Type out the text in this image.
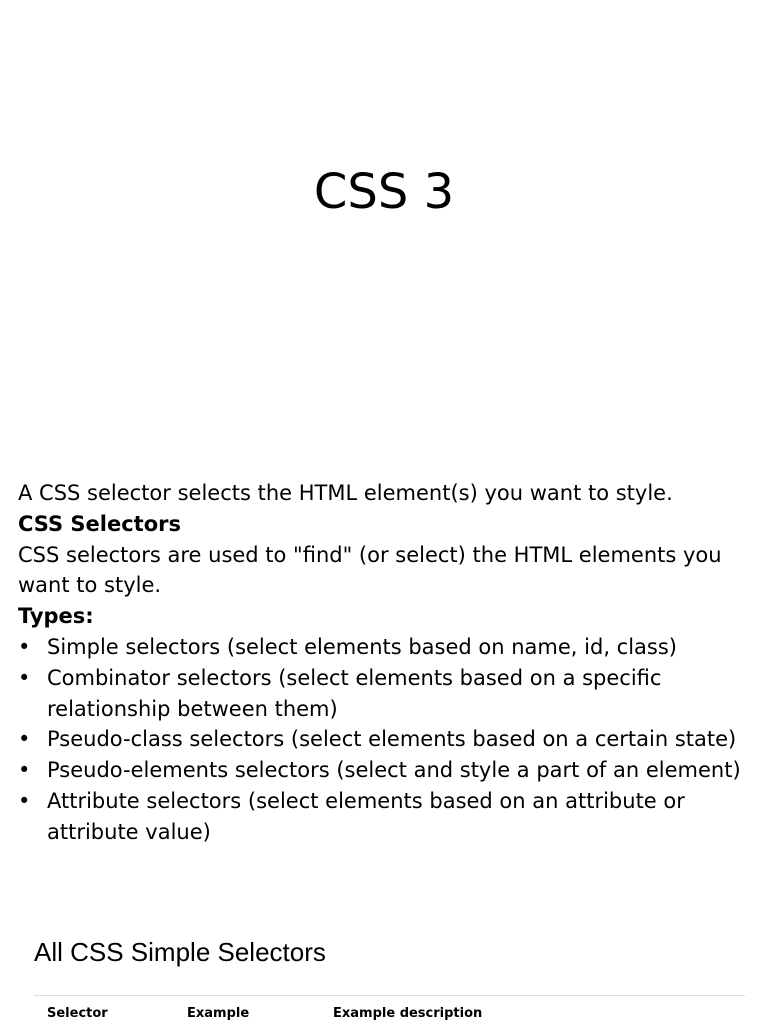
CSS 3

A CSS selector selects the HTML element(s) you want to style.

CSS Selectors

CSS selectors are used to "find" (or select) the HTML elements you want to style.

Types:

• Simple selectors (select elements based on name, id, class)
• Combinator selectors (select elements based on a specific relationship between them)
• Pseudo-class selectors (select elements based on a certain state)
• Pseudo-elements selectors (select and style a part of an element)
• Attribute selectors (select elements based on an attribute or attribute value)
All CSS Simple Selectors
Selector	Example	Example description
